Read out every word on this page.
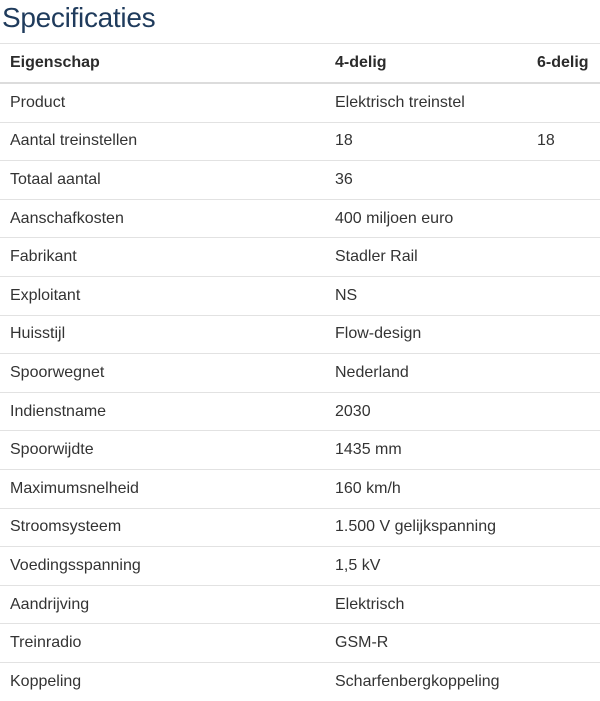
Specificaties
Eigenschap	4-delig	6-delig
Product	Elektrisch treinstel	
Aantal treinstellen	18	18
Totaal aantal	36	
Aanschafkosten	400 miljoen euro	
Fabrikant	Stadler Rail	
Exploitant	NS	
Huisstijl	Flow-design	
Spoorwegnet	Nederland	
Indienstname	2030	
Spoorwijdte	1435 mm	
Maximumsnelheid	160 km/h	
Stroomsysteem	1.500 V gelijkspanning	
Voedingsspanning	1,5 kV	
Aandrijving	Elektrisch	
Treinradio	GSM-R	
Koppeling	Scharfenbergkoppeling	
